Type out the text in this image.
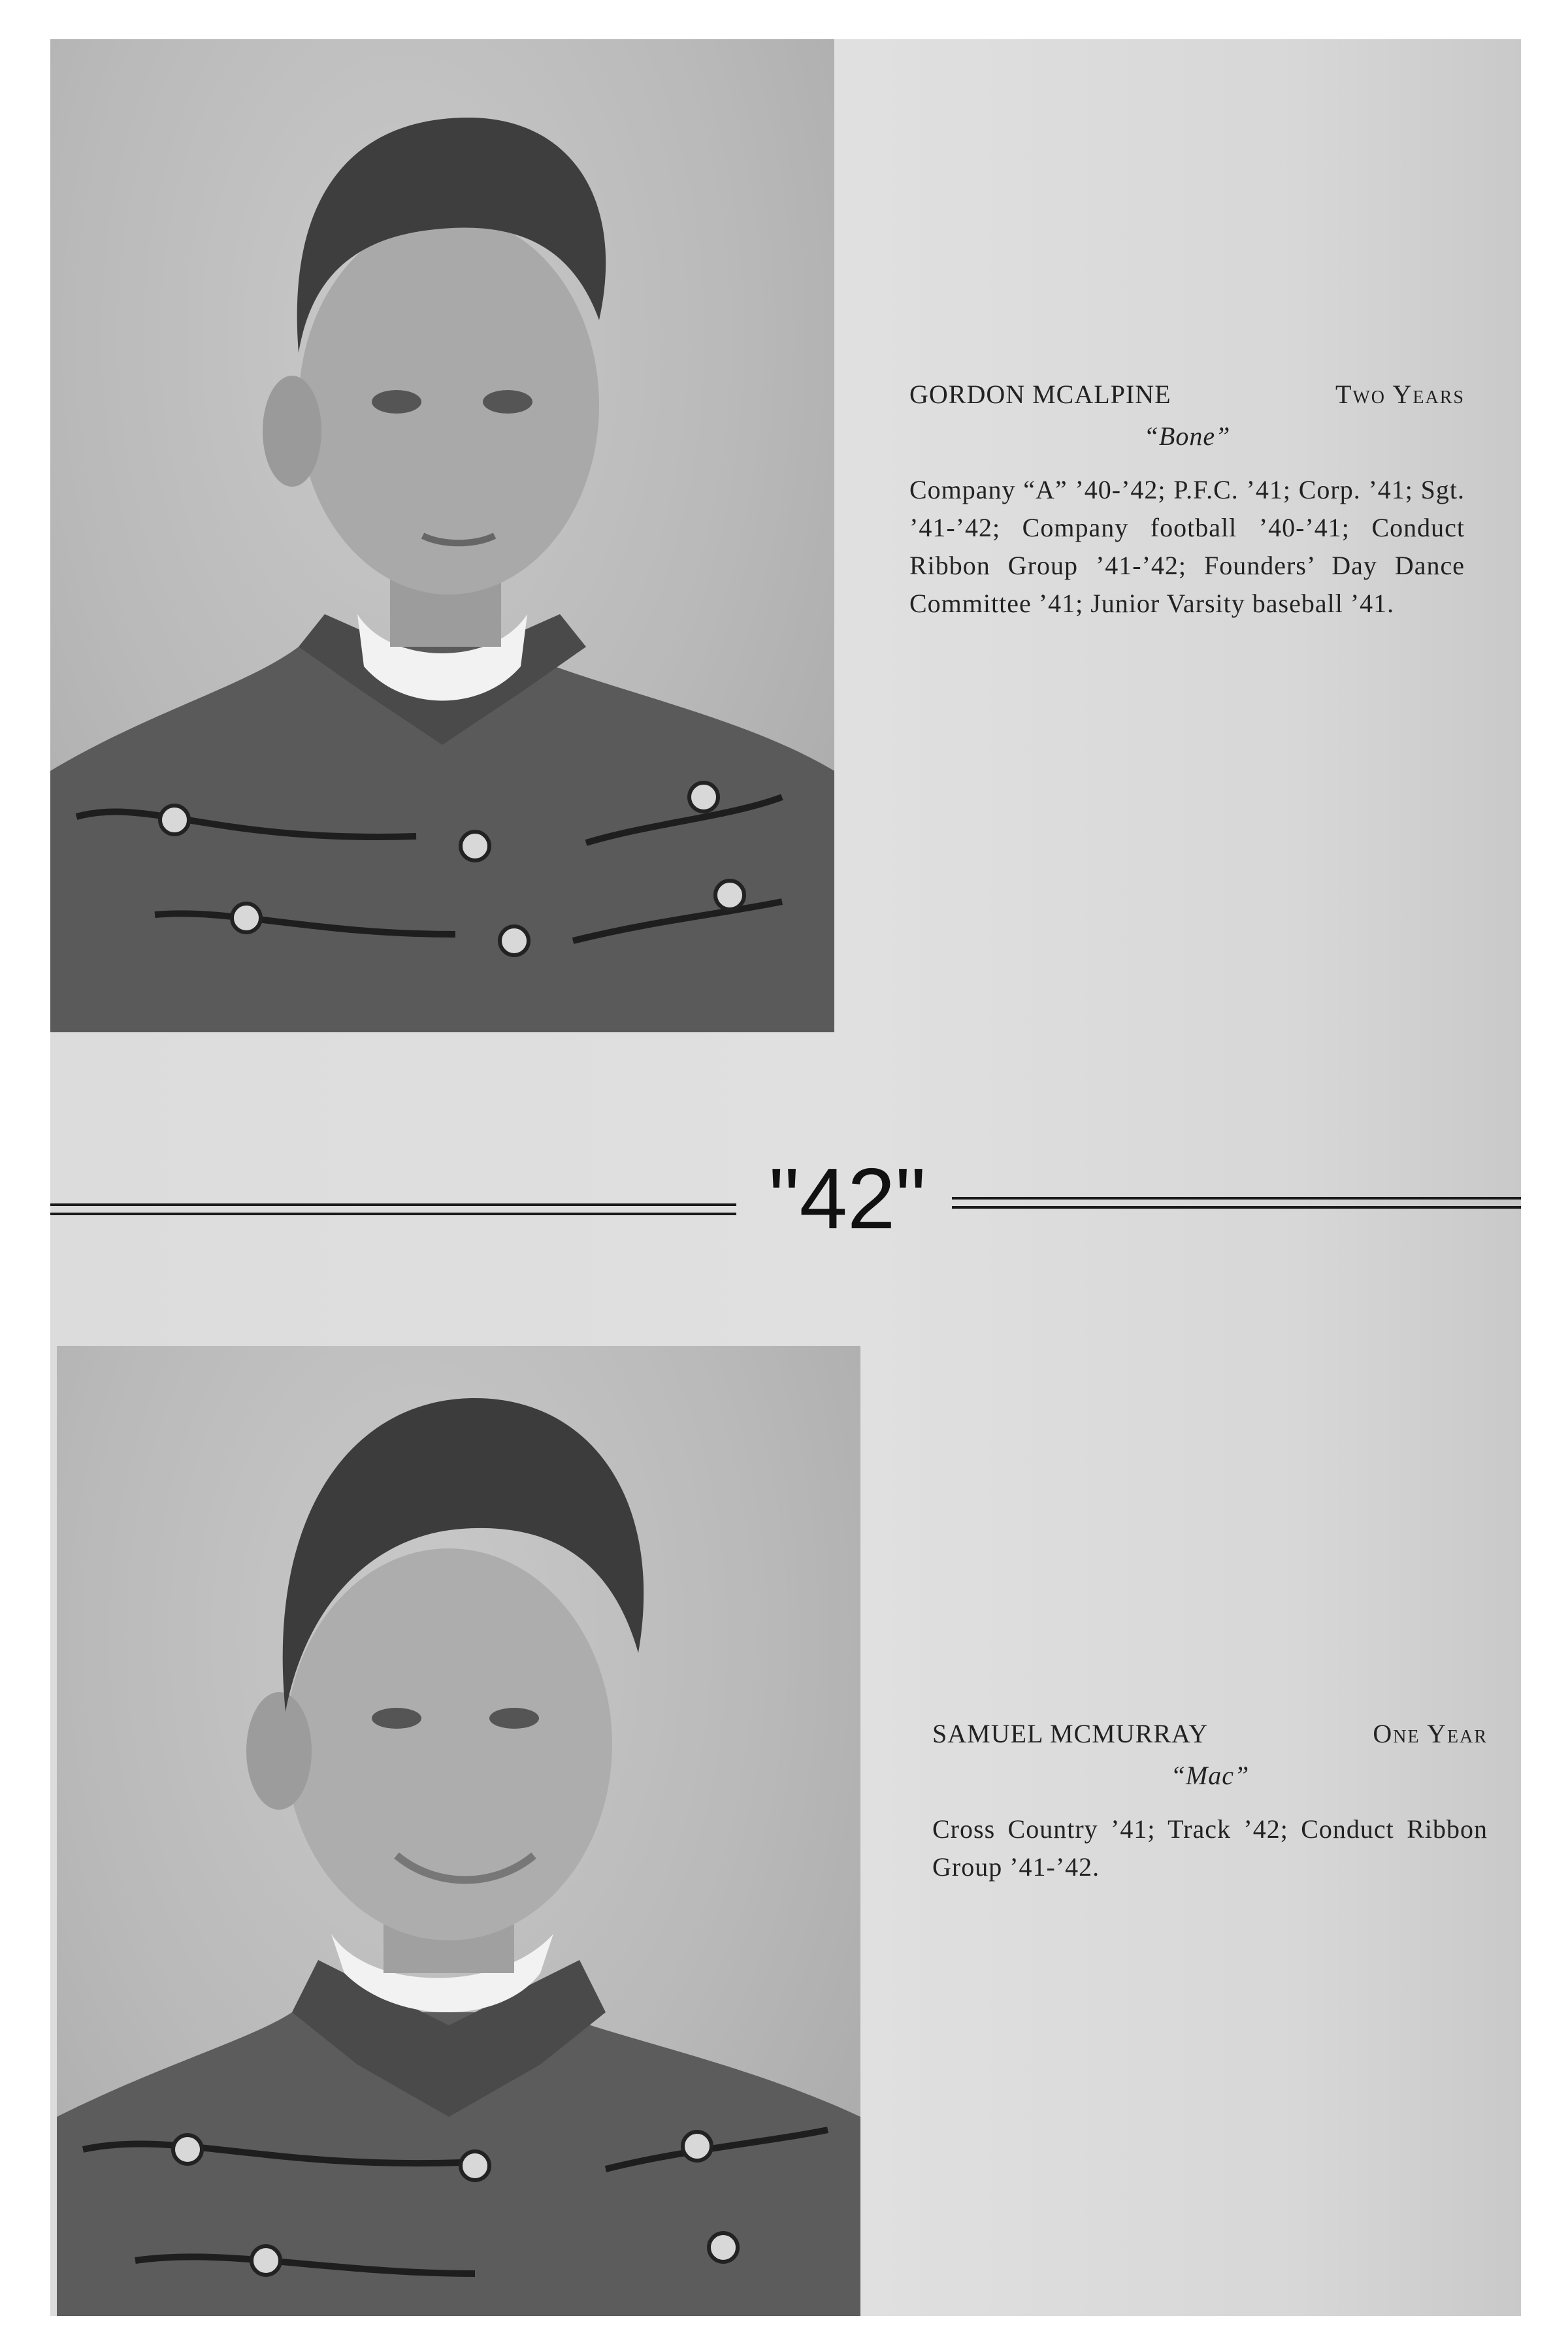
GORDON MCALPINE	Two Years
“Bone”
Company “A” ’40-’42; P.F.C. ’41; Corp. ’41; Sgt. ’41-’42; Company football ’40-’41; Conduct Ribbon Group ’41-’42; Founders’ Day Dance Committee ’41; Junior Varsity baseball ’41.
"42"
SAMUEL MCMURRAY	One Year
“Mac”
Cross Country ’41; Track ’42; Conduct Ribbon Group ’41-’42.
